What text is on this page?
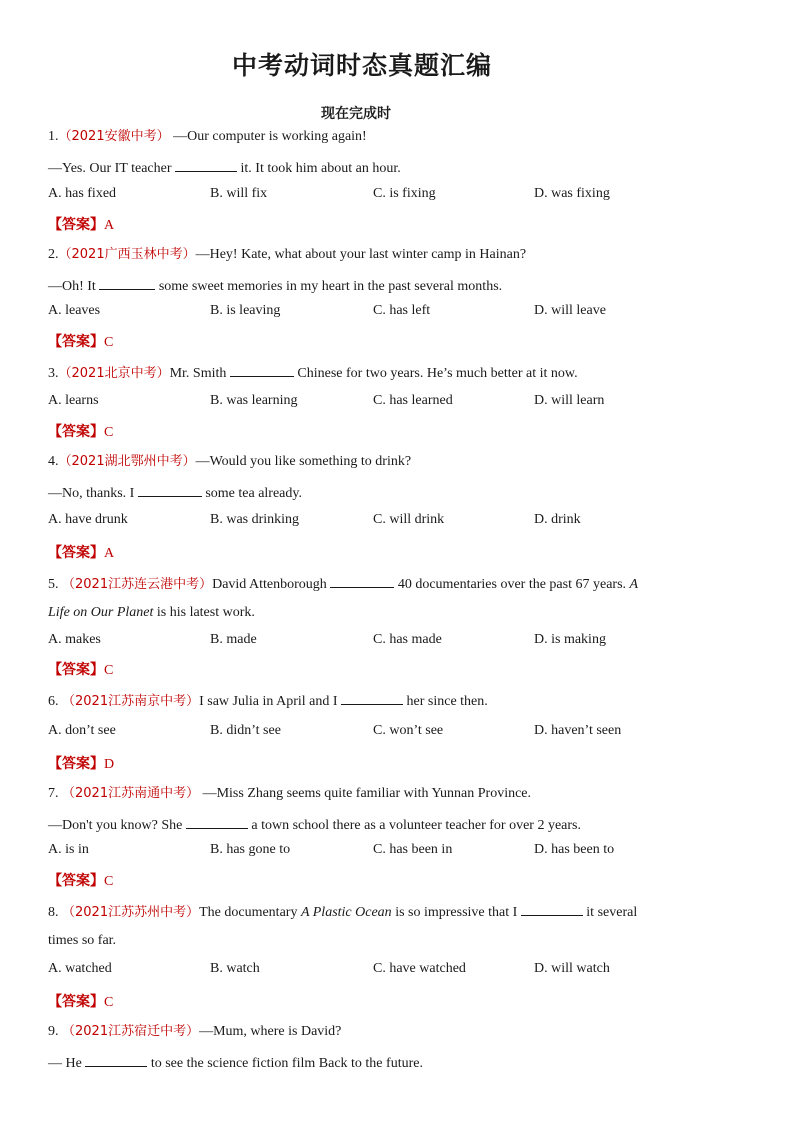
中考动词时态真题汇编
现在完成时
1.（2021安徽中考） —Our computer is working again!
—Yes. Our IT teacher	it. It took him about an hour.
A. has fixed	B. will fix	C. is fixing	D. was fixing
【答案】A
2.（2021广西玉林中考）—Hey! Kate, what about your last winter camp in Hainan?
—Oh! It	some sweet memories in my heart in the past several months.
A. leaves	B. is leaving	C. has left	D. will leave
【答案】C
3.（2021北京中考）Mr. Smith	Chinese for two years. He’s much better at it now.
A. learns	B. was learning	C. has learned	D. will learn
【答案】C
4.（2021湖北鄂州中考）—Would you like something to drink?
—No, thanks. I	some tea already.
A. have drunk	B. was drinking	C. will drink	D. drink
【答案】A
5. （2021江苏连云港中考）David Attenborough	40 documentaries over the past 67 years. A
Life on Our Planet is his latest work.
A. makes	B. made	C. has made	D. is making
【答案】C
6. （2021江苏南京中考）I saw Julia in April and I	her since then.
A. don’t see	B. didn’t see	C. won’t see	D. haven’t seen
【答案】D
7. （2021江苏南通中考） —Miss Zhang seems quite familiar with Yunnan Province.
—Don't you know? She	a town school there as a volunteer teacher for over 2 years.
A. is in	B. has gone to	C. has been in	D. has been to
【答案】C
8. （2021江苏苏州中考）The documentary A Plastic Ocean is so impressive that I	it several
times so far.
A. watched	B. watch	C. have watched	D. will watch
【答案】C
9. （2021江苏宿迁中考）—Mum, where is David?
— He	to see the science fiction film Back to the future.
